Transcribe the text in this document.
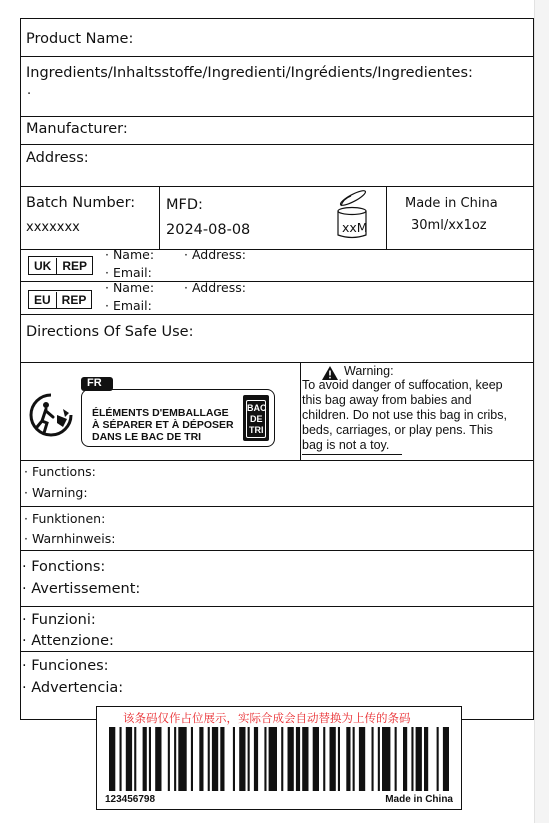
Product Name:
Ingredients/Inhaltsstoffe/Ingredienti/Ingrédients/Ingredientes:
·
Manufacturer:
Address:
Batch Number:
xxxxxxx
MFD:
2024-08-08	xxM
Made in China
30ml/xx1oz
UK REP
· Name: · Address:
· Email:
EU REP
· Name: · Address:
· Email:
Directions Of Safe Use:
FR
ÉLÉMENTS D'EMBALLAGE
À SÉPARER ET À DÉPOSER
DANS LE BAC DE TRI
BAC
DE
TRI
Warning:
To avoid danger of suffocation, keep
this bag away from babies and
children. Do not use this bag in cribs,
beds, carriages, or play pens. This
bag is not a toy.
· Functions:
· Warning:
· Funktionen:
· Warnhinweis:
· Fonctions:
· Avertissement:
· Funzioni:
· Attenzione:
· Funciones:
· Advertencia:
该条码仅作占位展示，实际合成会自动替换为上传的条码
123456798	Made in China
